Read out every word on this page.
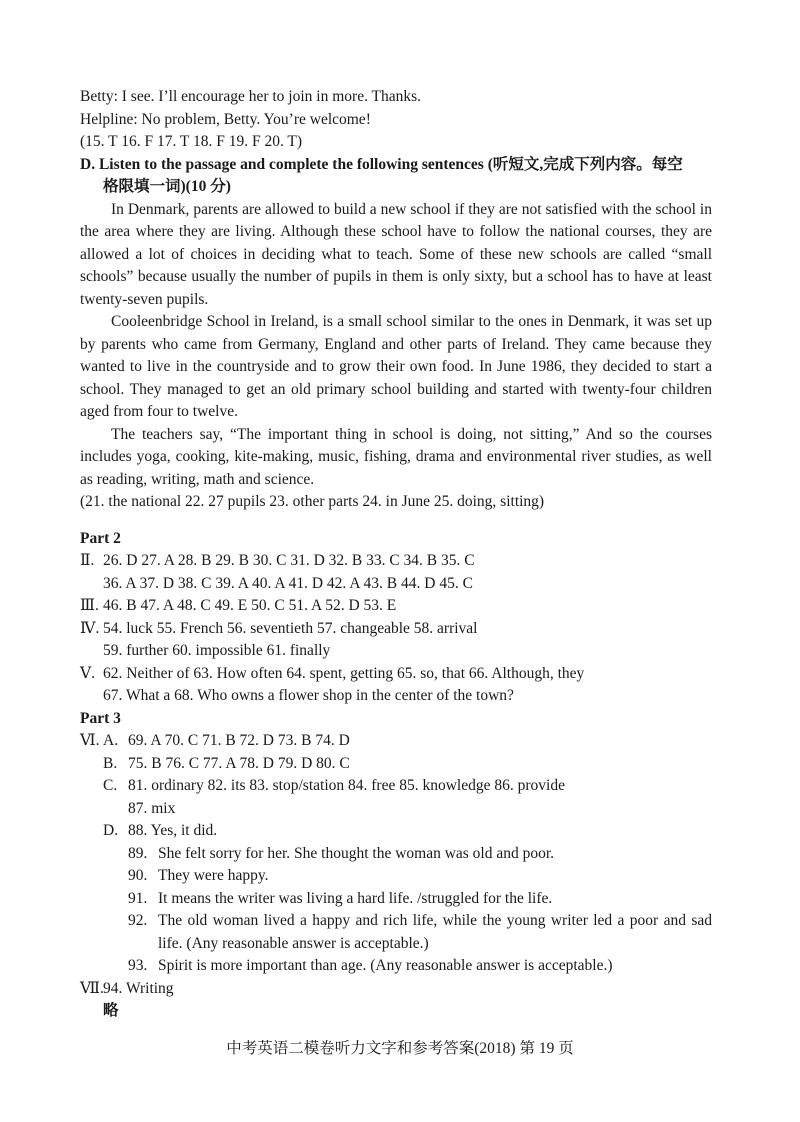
Betty: I see. I’ll encourage her to join in more. Thanks.
Helpline: No problem, Betty. You’re welcome!
(15. T 16. F 17. T 18. F 19. F 20. T)
D. Listen to the passage and complete the following sentences (听短文,完成下列内容。每空
格限填一词)(10 分)
In Denmark, parents are allowed to build a new school if they are not satisfied with the school in the area where they are living. Although these school have to follow the national courses, they are allowed a lot of choices in deciding what to teach. Some of these new schools are called “small schools” because usually the number of pupils in them is only sixty, but a school has to have at least twenty-seven pupils.
Cooleenbridge School in Ireland, is a small school similar to the ones in Denmark, it was set up by parents who came from Germany, England and other parts of Ireland. They came because they wanted to live in the countryside and to grow their own food. In June 1986, they decided to start a school. They managed to get an old primary school building and started with twenty-four children aged from four to twelve.
The teachers say, “The important thing in school is doing, not sitting,” And so the courses includes yoga, cooking, kite-making, music, fishing, drama and environmental river studies, as well as reading, writing, math and science.
(21. the national 22. 27 pupils 23. other parts 24. in June 25. doing, sitting)
Part 2
Ⅱ. 26. D 27. A 28. B 29. B 30. C 31. D 32. B 33. C 34. B 35. C
36. A 37. D 38. C 39. A 40. A 41. D 42. A 43. B 44. D 45. C
Ⅲ. 46. B 47. A 48. C 49. E 50. C 51. A 52. D 53. E
Ⅳ. 54. luck 55. French 56. seventieth 57. changeable 58. arrival
59. further 60. impossible 61. finally
Ⅴ. 62. Neither of 63. How often 64. spent, getting 65. so, that 66. Although, they
67. What a 68. Who owns a flower shop in the center of the town?
Part 3
Ⅵ. A. 69. A 70. C 71. B 72. D 73. B 74. D
B. 75. B 76. C 77. A 78. D 79. D 80. C
C. 81. ordinary 82. its 83. stop/station 84. free 85. knowledge 86. provide
87. mix
D. 88. Yes, it did.
89. She felt sorry for her. She thought the woman was old and poor.
90. They were happy.
91. It means the writer was living a hard life. /struggled for the life.
92. The old woman lived a happy and rich life, while the young writer led a poor and sad life. (Any reasonable answer is acceptable.)
93. Spirit is more important than age. (Any reasonable answer is acceptable.)
Ⅶ. 94. Writing
略
中考英语二模卷听力文字和参考答案(2018) 第 19 页
